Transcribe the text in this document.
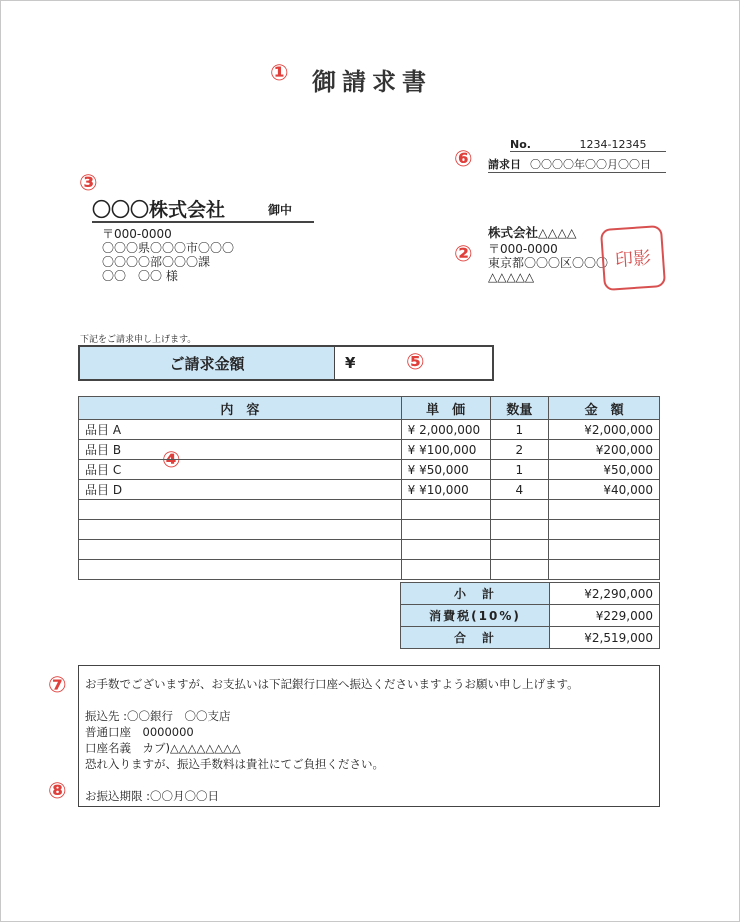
①
②
③
④
⑤
⑥
⑦
⑧
御請求書
No.	1234-12345
請求日 〇〇〇〇年〇〇月〇〇日
〇〇〇株式会社	御中
〒000-0000
〇〇〇県〇〇〇市〇〇〇
〇〇〇〇部〇〇〇課
〇〇　〇〇 様
株式会社△△△△
〒000-0000
東京都〇〇〇区〇〇〇
△△△△△
印影
下記をご請求申し上げます。
ご請求金額	¥
内　容	単　価	数量	金　額
品目 A	¥ 2,000,000	1	¥2,000,000
品目 B	¥ ¥100,000	2	¥200,000
品目 C	¥ ¥50,000	1	¥50,000
品目 D	¥ ¥10,000	4	¥40,000

小　計	¥2,290,000
消費税(10%)	¥229,000
合　計	¥2,519,000
お手数でございますが、お支払いは下記銀行口座へ振込くださいますようお願い申し上げます。
振込先 :〇〇銀行　〇〇支店
普通口座　0000000
口座名義　カブ)△△△△△△△△
恐れ入りますが、振込手数料は貴社にてご負担ください。
お振込期限 :〇〇月〇〇日
